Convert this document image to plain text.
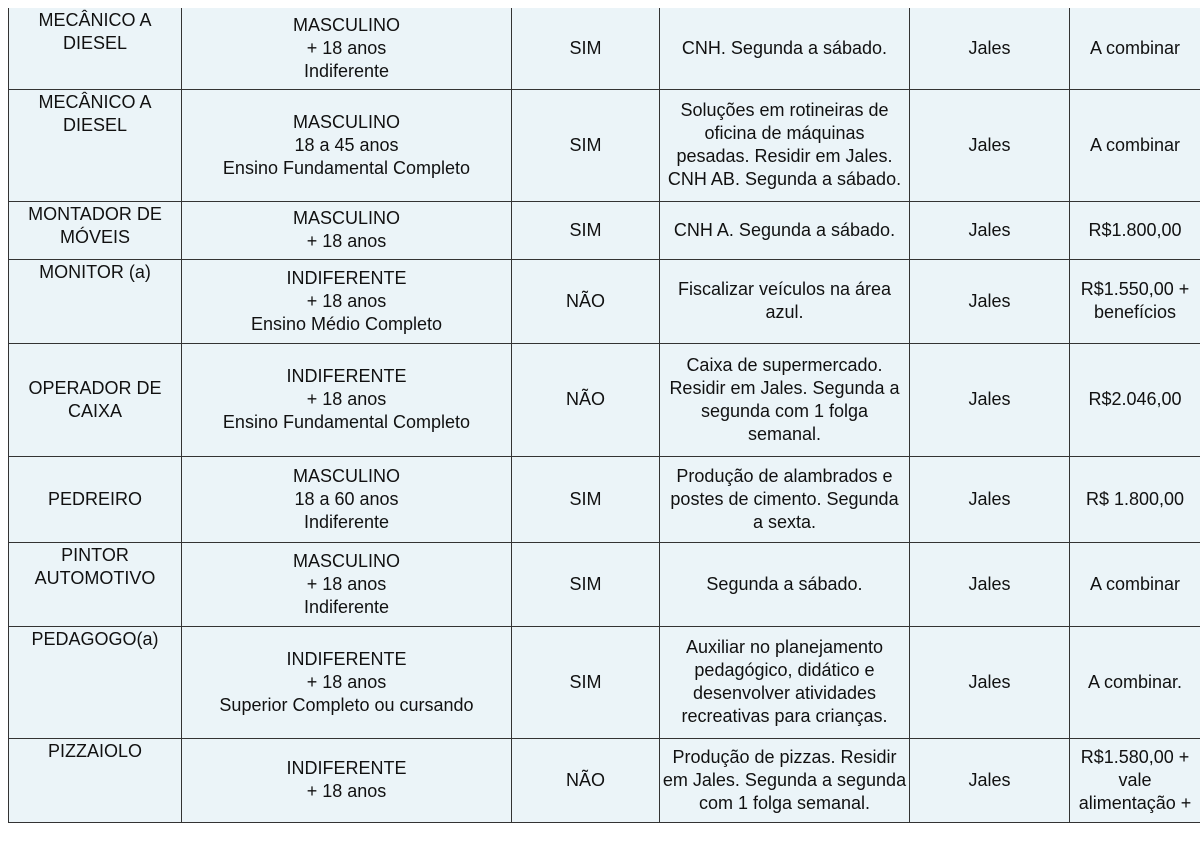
MECÂNICO A
DIESEL	MASCULINO
+ 18 anos
Indiferente	SIM	CNH. Segunda a sábado.	Jales	A combinar

MECÂNICO A
DIESEL	MASCULINO
18 a 45 anos
Ensino Fundamental Completo	SIM	Soluções em rotineiras de
oficina de máquinas
pesadas. Residir em Jales.
CNH AB. Segunda a sábado.	Jales	A combinar

MONTADOR DE
MÓVEIS	MASCULINO
+ 18 anos	SIM	CNH A. Segunda a sábado.	Jales	R$1.800,00

MONITOR (a)	INDIFERENTE
+ 18 anos
Ensino Médio Completo	NÃO	Fiscalizar veículos na área
azul.	Jales	R$1.550,00 +
benefícios

OPERADOR DE
CAIXA	INDIFERENTE
+ 18 anos
Ensino Fundamental Completo	NÃO	Caixa de supermercado.
Residir em Jales. Segunda a
segunda com 1 folga
semanal.	Jales	R$2.046,00

PEDREIRO	MASCULINO
18 a 60 anos
Indiferente	SIM	Produção de alambrados e
postes de cimento. Segunda
a sexta.	Jales	R$ 1.800,00

PINTOR
AUTOMOTIVO	MASCULINO
+ 18 anos
Indiferente	SIM	Segunda a sábado.	Jales	A combinar

PEDAGOGO(a)	INDIFERENTE
+ 18 anos
Superior Completo ou cursando	SIM	Auxiliar no planejamento
pedagógico, didático e
desenvolver atividades
recreativas para crianças.	Jales	A combinar.

PIZZAIOLO	INDIFERENTE
+ 18 anos	NÃO	Produção de pizzas. Residir
em Jales. Segunda a segunda
com 1 folga semanal.	Jales	R$1.580,00 +
vale
alimentação +
